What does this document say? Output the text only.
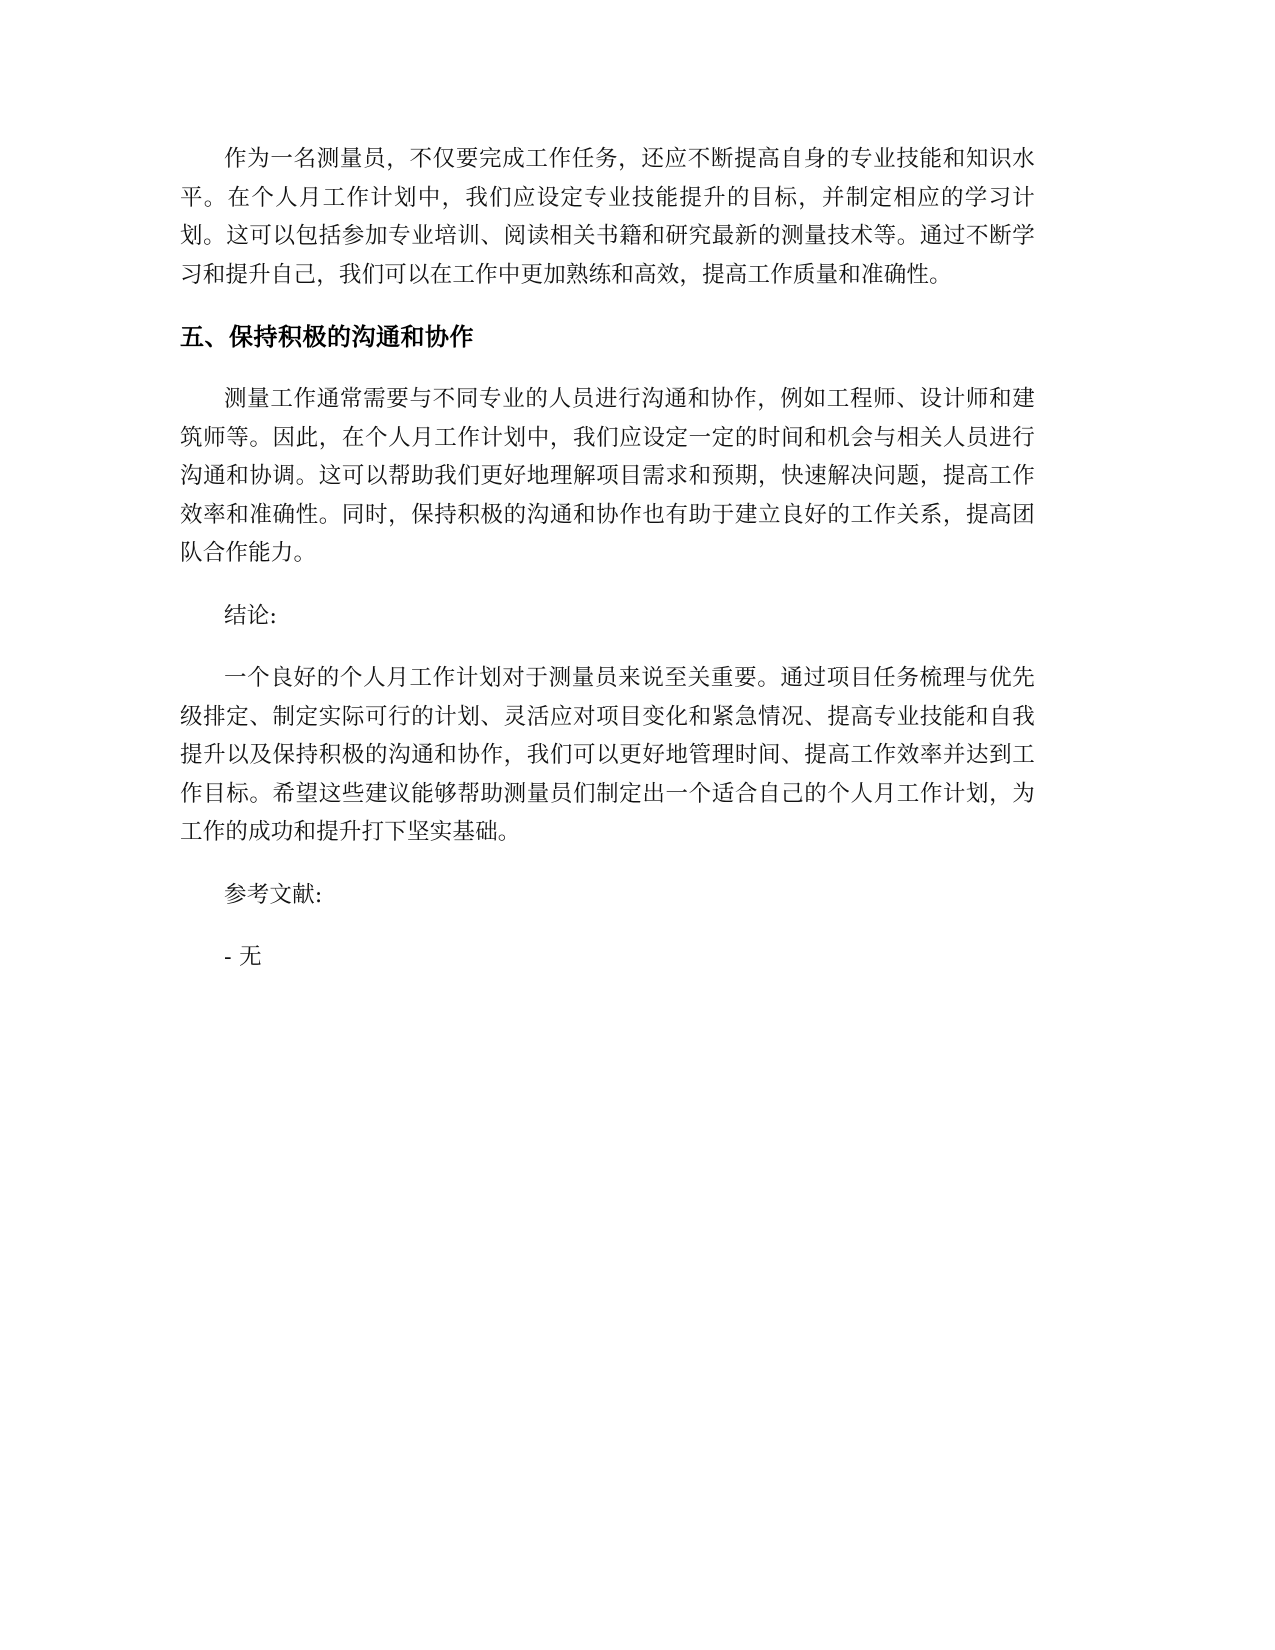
作为一名测量员，不仅要完成工作任务，还应不断提高自身的专业技能和知识水平。在个人月工作计划中，我们应设定专业技能提升的目标，并制定相应的学习计划。这可以包括参加专业培训、阅读相关书籍和研究最新的测量技术等。通过不断学习和提升自己，我们可以在工作中更加熟练和高效，提高工作质量和准确性。

五、保持积极的沟通和协作

测量工作通常需要与不同专业的人员进行沟通和协作，例如工程师、设计师和建筑师等。因此，在个人月工作计划中，我们应设定一定的时间和机会与相关人员进行沟通和协调。这可以帮助我们更好地理解项目需求和预期，快速解决问题，提高工作效率和准确性。同时，保持积极的沟通和协作也有助于建立良好的工作关系，提高团队合作能力。

结论:

一个良好的个人月工作计划对于测量员来说至关重要。通过项目任务梳理与优先级排定、制定实际可行的计划、灵活应对项目变化和紧急情况、提高专业技能和自我提升以及保持积极的沟通和协作，我们可以更好地管理时间、提高工作效率并达到工作目标。希望这些建议能够帮助测量员们制定出一个适合自己的个人月工作计划，为工作的成功和提升打下坚实基础。

参考文献:

- 无
